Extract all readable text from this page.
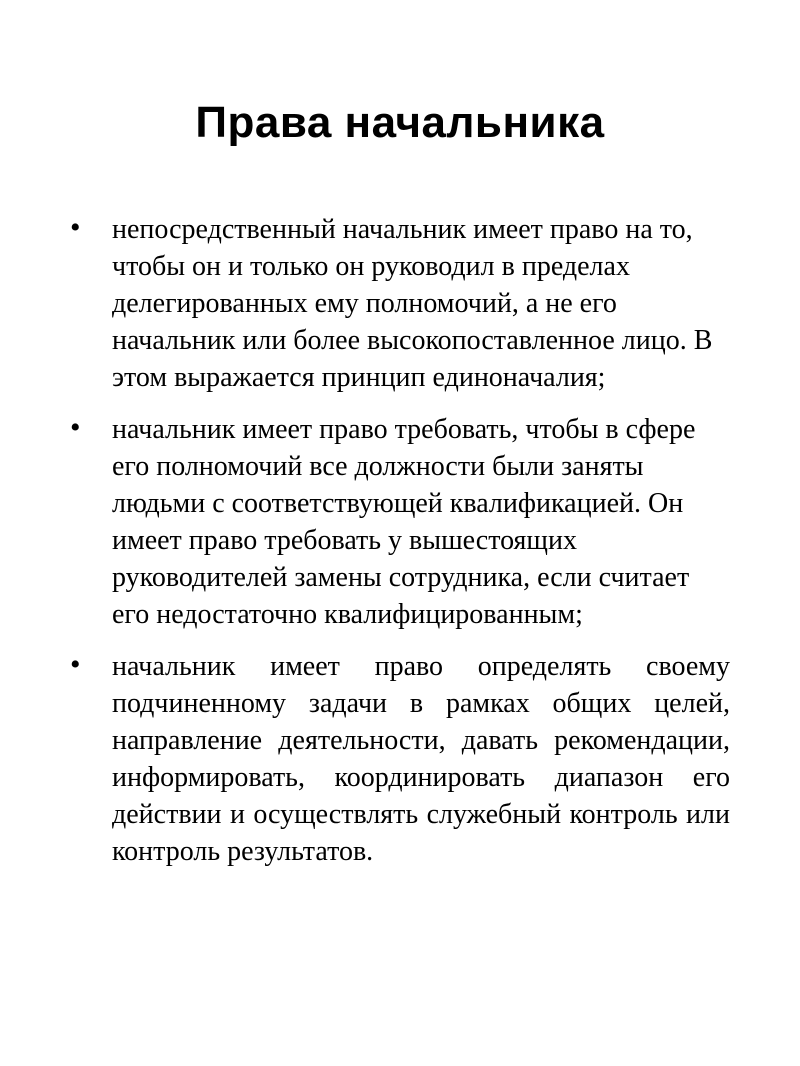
Права начальника
• непосредственный начальник имеет право на то, чтобы он и только он руководил в пределах делегированных ему полномочий, а не его начальник или более высокопоставленное лицо. В этом выражается принцип единоначалия;
• начальник имеет право требовать, чтобы в сфере его полномочий все должности были заняты людьми с соответствующей квалификацией. Он имеет право требовать у вышестоящих руководителей замены сотрудника, если считает его недостаточно квалифицированным;
• начальник имеет право определять своему подчиненному задачи в рамках общих целей, направление деятельности, давать рекомендации, информировать, координировать диапазон его действии и осуществлять служебный контроль или контроль результатов.
